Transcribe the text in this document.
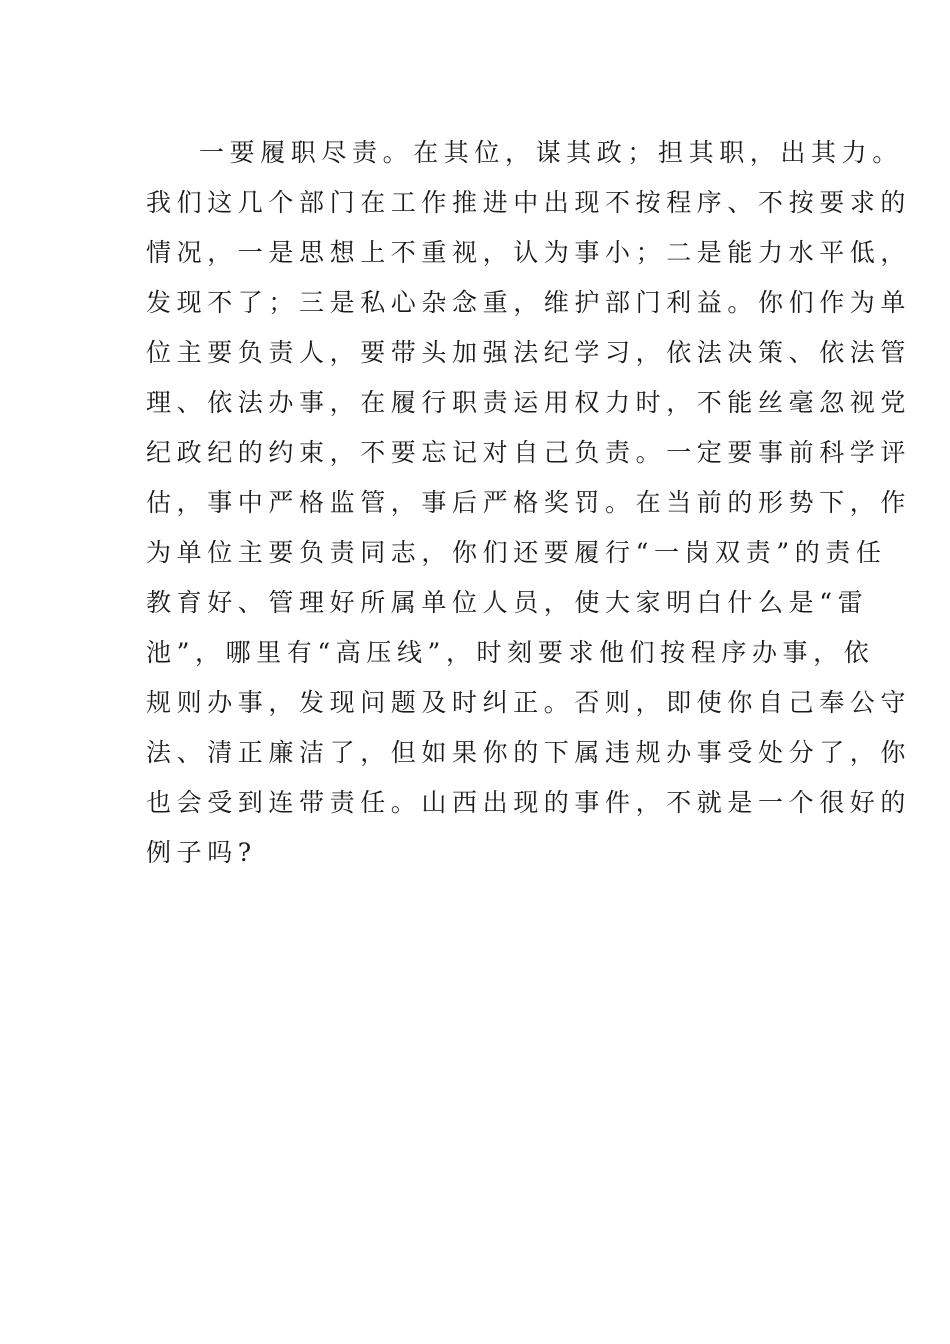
一要履职尽责。在其位，谋其政；担其职，出其力。
我们这几个部门在工作推进中出现不按程序、不按要求的
情况，一是思想上不重视，认为事小；二是能力水平低，
发现不了；三是私心杂念重，维护部门利益。你们作为单
位主要负责人，要带头加强法纪学习，依法决策、依法管
理、依法办事，在履行职责运用权力时，不能丝毫忽视党
纪政纪的约束，不要忘记对自己负责。一定要事前科学评
估，事中严格监管，事后严格奖罚。在当前的形势下，作
为单位主要负责同志，你们还要履行“一岗双责”的责任
教育好、管理好所属单位人员，使大家明白什么是“雷
池”，哪里有“高压线”，时刻要求他们按程序办事，依
规则办事，发现问题及时纠正。否则，即使你自己奉公守
法、清正廉洁了，但如果你的下属违规办事受处分了，你
也会受到连带责任。山西出现的事件，不就是一个很好的
例子吗?
